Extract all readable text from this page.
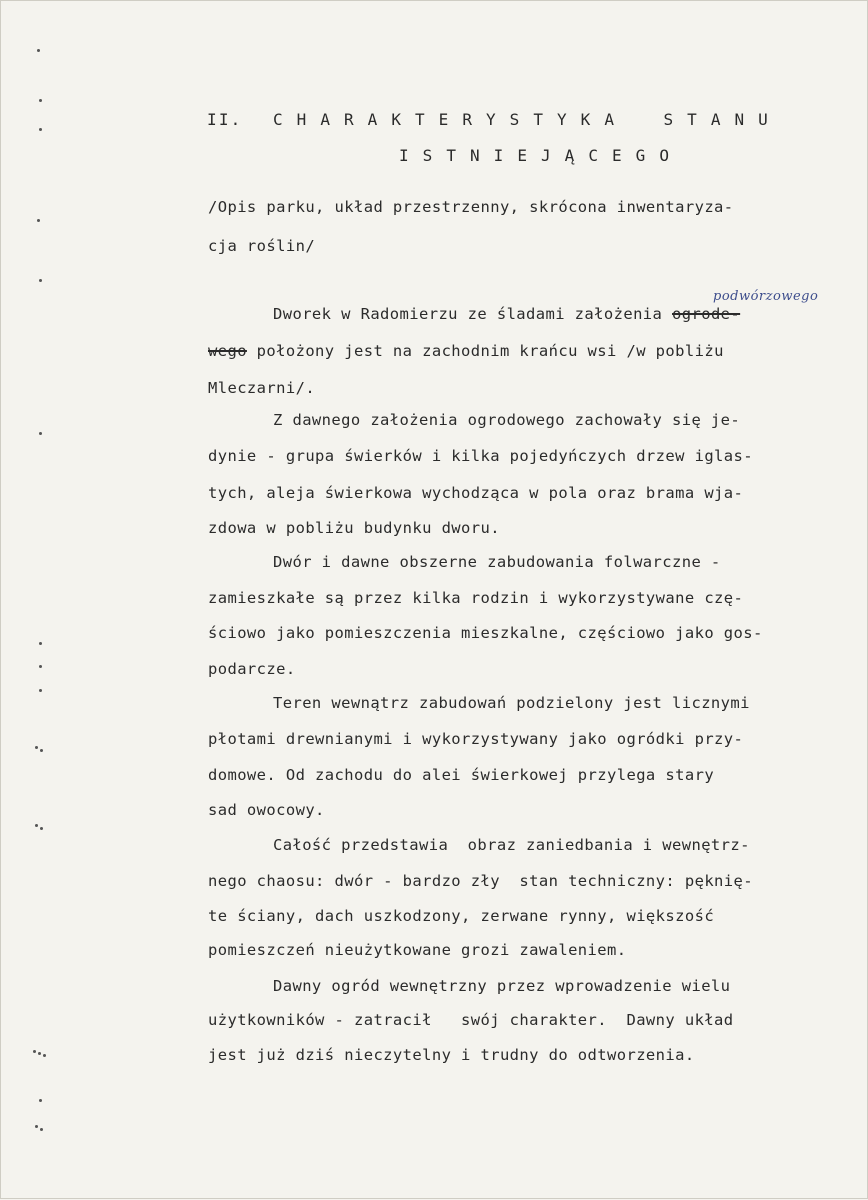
II. C H A R A K T E R Y S T Y K A    S T A N U
I S T N I E J Ą C E G O
/Opis parku, układ przestrzenny, skrócona inwentaryza-
cja roślin/
podwórzowego
Dworek w Radomierzu ze śladami założenia ogrode-
wego położony jest na zachodnim krańcu wsi /w pobliżu
Mleczarni/.
Z dawnego założenia ogrodowego zachowały się je-
dynie - grupa świerków i kilka pojedyńczych drzew iglas-
tych, aleja świerkowa wychodząca w pola oraz brama wja-
zdowa w pobliżu budynku dworu.
Dwór i dawne obszerne zabudowania folwarczne -
zamieszkałe są przez kilka rodzin i wykorzystywane czę-
ściowo jako pomieszczenia mieszkalne, częściowo jako gos-
podarcze.
Teren wewnątrz zabudowań podzielony jest licznymi
płotami drewnianymi i wykorzystywany jako ogródki przy-
domowe. Od zachodu do alei świerkowej przylega stary
sad owocowy.
Całość przedstawia  obraz zaniedbania i wewnętrz-
nego chaosu: dwór - bardzo zły  stan techniczny: pęknię-
te ściany, dach uszkodzony, zerwane rynny, większość
pomieszczeń nieużytkowane grozi zawaleniem.
Dawny ogród wewnętrzny przez wprowadzenie wielu
użytkowników - zatracił   swój charakter.  Dawny układ
jest już dziś nieczytelny i trudny do odtworzenia.
